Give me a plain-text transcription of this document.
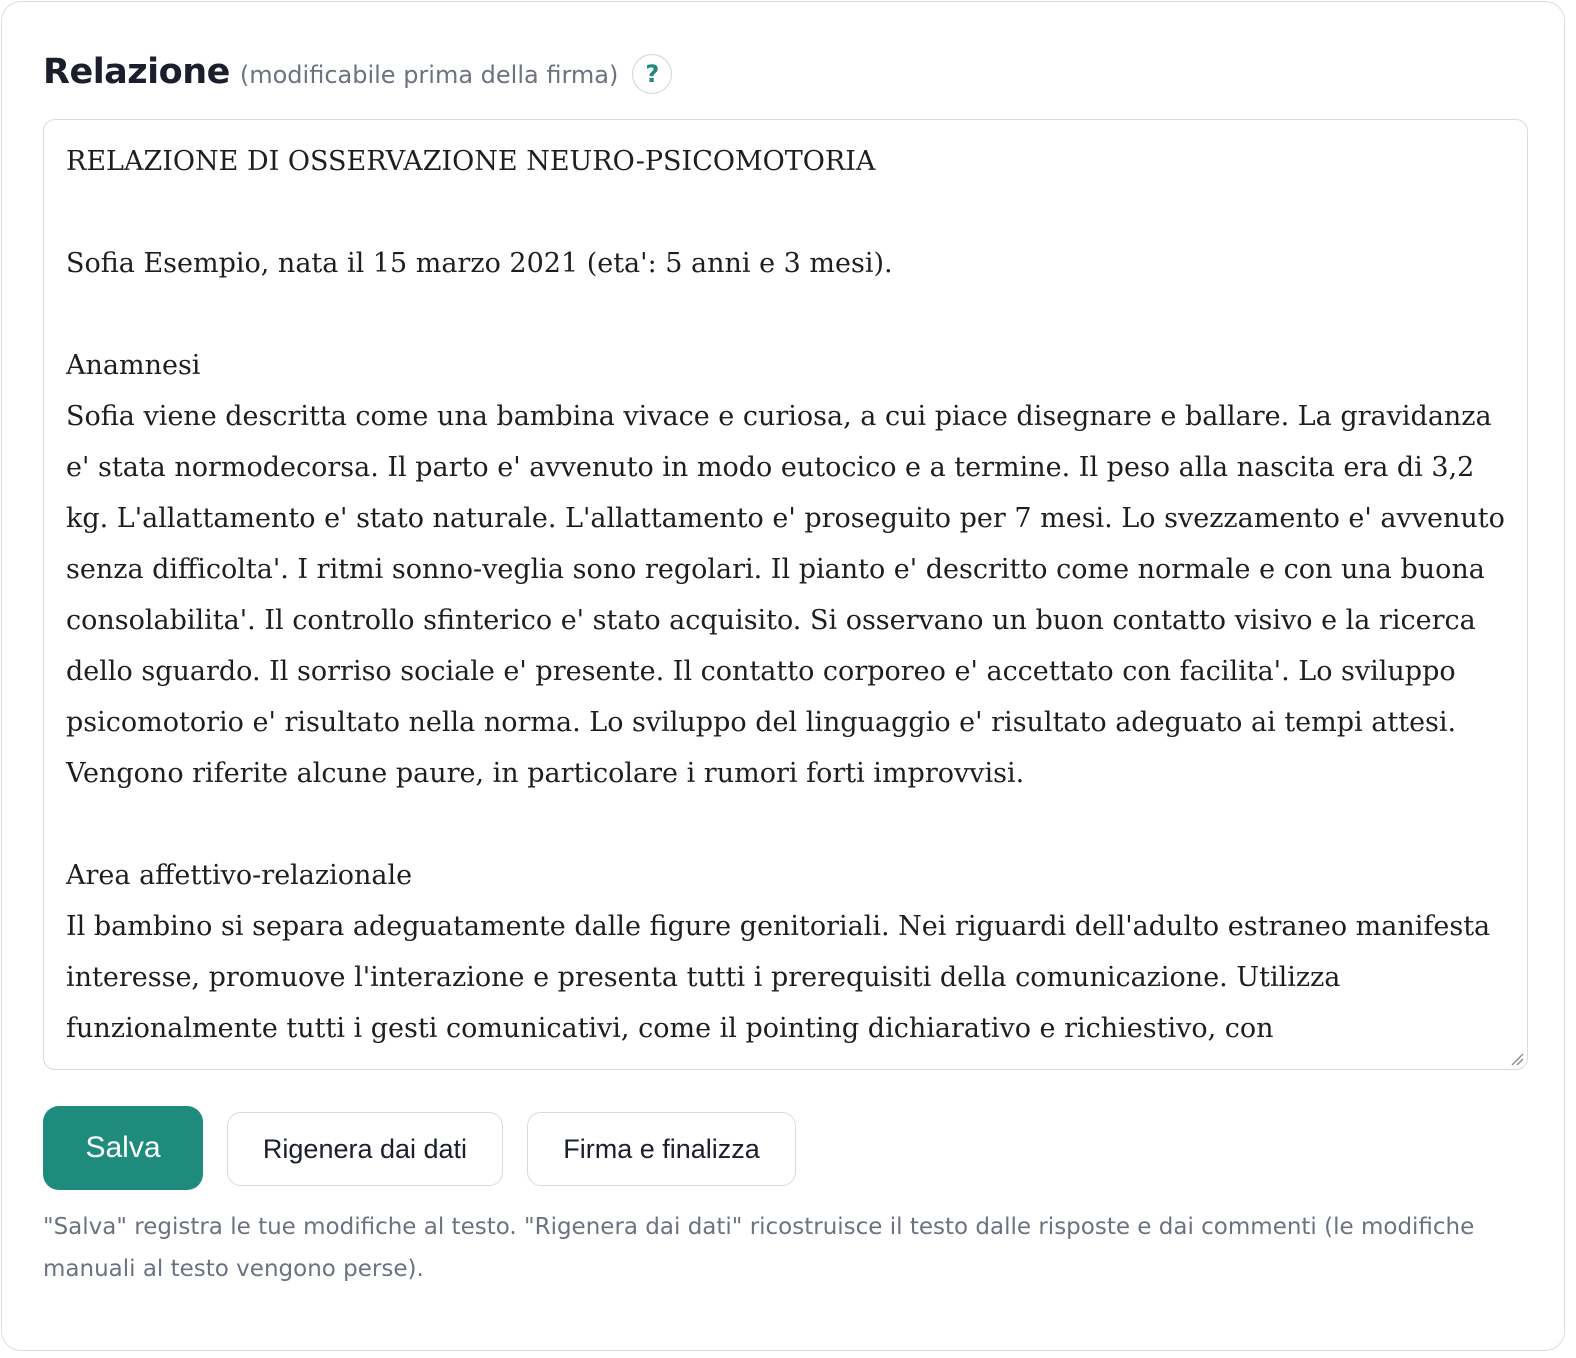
Relazione (modificabile prima della firma)	?
RELAZIONE DI OSSERVAZIONE NEURO-PSICOMOTORIA

Sofia Esempio, nata il 15 marzo 2021 (eta': 5 anni e 3 mesi).

Anamnesi
Sofia viene descritta come una bambina vivace e curiosa, a cui piace disegnare e ballare. La gravidanza e' stata normodecorsa. Il parto e' avvenuto in modo eutocico e a termine. Il peso alla nascita era di 3,2 kg. L'allattamento e' stato naturale. L'allattamento e' proseguito per 7 mesi. Lo svezzamento e' avvenuto senza difficolta'. I ritmi sonno-veglia sono regolari. Il pianto e' descritto come normale e con una buona consolabilita'. Il controllo sfinterico e' stato acquisito. Si osservano un buon contatto visivo e la ricerca dello sguardo. Il sorriso sociale e' presente. Il contatto corporeo e' accettato con facilita'. Lo sviluppo psicomotorio e' risultato nella norma. Lo sviluppo del linguaggio e' risultato adeguato ai tempi attesi. Vengono riferite alcune paure, in particolare i rumori forti improvvisi.

Area affettivo-relazionale
Il bambino si separa adeguatamente dalle figure genitoriali. Nei riguardi dell'adulto estraneo manifesta interesse, promuove l'interazione e presenta tutti i prerequisiti della comunicazione. Utilizza funzionalmente tutti i gesti comunicativi, come il pointing dichiarativo e richiestivo, con
Salva	Rigenera dai dati	Firma e finalizza
"Salva" registra le tue modifiche al testo. "Rigenera dai dati" ricostruisce il testo dalle risposte e dai commenti (le modifiche manuali al testo vengono perse).
